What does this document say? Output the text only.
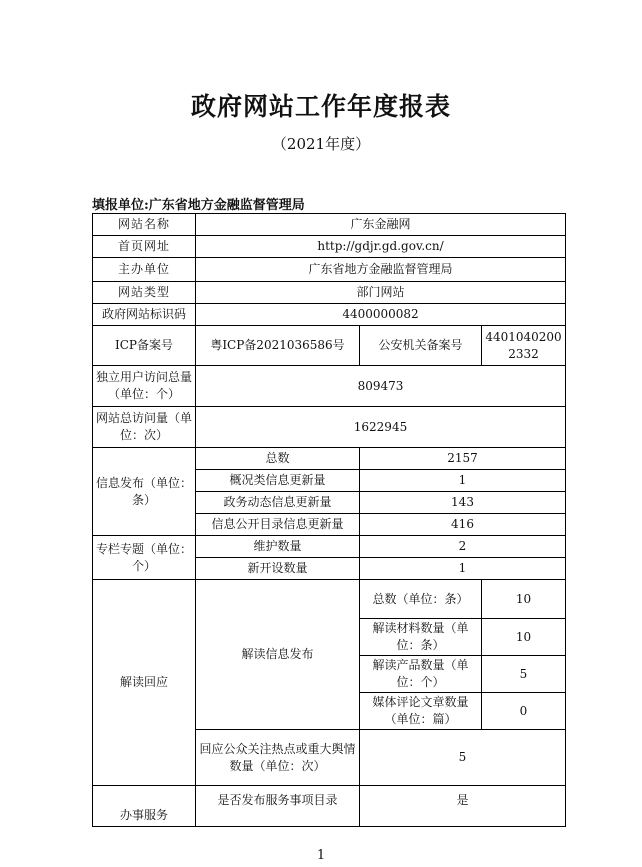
政府网站工作年度报表
（2021年度）
填报单位:广东省地方金融监督管理局
网站名称	广东金融网		
首页网址	http://gdjr.gd.gov.cn/		
主办单位	广东省地方金融监督管理局		
网站类型	部门网站		
政府网站标识码	4400000082		
ICP备案号	粤ICP备2021036586号	公安机关备案号	44010402002332
独立用户访问总量（单位：个）	809473		
网站总访问量（单位：次）	1622945		
信息发布（单位：条）	总数	2157	
	概况类信息更新量	1	
	政务动态信息更新量	143	
	信息公开目录信息更新量	416	
专栏专题（单位：个）	维护数量	2	
	新开设数量	1	
解读回应	解读信息发布	总数（单位：条）	10
		解读材料数量（单位：条）	10
		解读产品数量（单位：个）	5
		媒体评论文章数量（单位：篇）	0
	回应公众关注热点或重大舆情数量（单位：次）	5	
办事服务	是否发布服务事项目录	是	
1
